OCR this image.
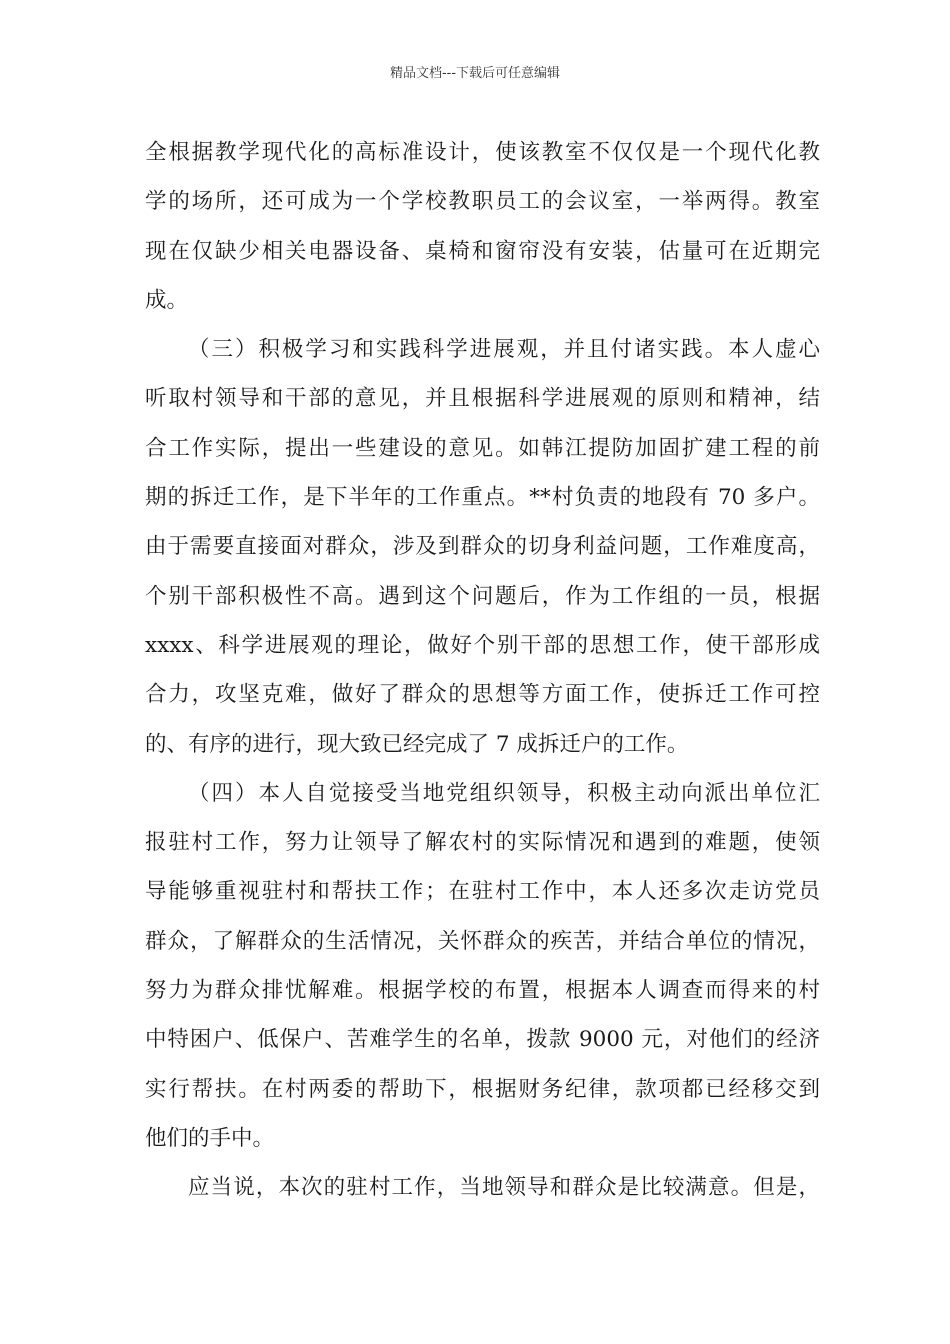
精品文档---下载后可任意编辑
全根据教学现代化的高标准设计，使该教室不仅仅是一个现代化教
学的场所，还可成为一个学校教职员工的会议室，一举两得。教室
现在仅缺少相关电器设备、桌椅和窗帘没有安装，估量可在近期完
成。
（三）积极学习和实践科学进展观，并且付诸实践。本人虚心
听取村领导和干部的意见，并且根据科学进展观的原则和精神，结
合工作实际，提出一些建设的意见。如韩江提防加固扩建工程的前
期的拆迁工作，是下半年的工作重点。**村负责的地段有 70 多户。
由于需要直接面对群众，涉及到群众的切身利益问题，工作难度高，
个别干部积极性不高。遇到这个问题后，作为工作组的一员，根据
xxxx、科学进展观的理论，做好个别干部的思想工作，使干部形成
合力，攻坚克难，做好了群众的思想等方面工作，使拆迁工作可控
的、有序的进行，现大致已经完成了 7 成拆迁户的工作。
（四）本人自觉接受当地党组织领导，积极主动向派出单位汇
报驻村工作，努力让领导了解农村的实际情况和遇到的难题，使领
导能够重视驻村和帮扶工作；在驻村工作中，本人还多次走访党员
群众，了解群众的生活情况，关怀群众的疾苦，并结合单位的情况，
努力为群众排忧解难。根据学校的布置，根据本人调查而得来的村
中特困户、低保户、苦难学生的名单，拨款 9000 元，对他们的经济
实行帮扶。在村两委的帮助下，根据财务纪律，款项都已经移交到
他们的手中。
应当说，本次的驻村工作，当地领导和群众是比较满意。但是，
